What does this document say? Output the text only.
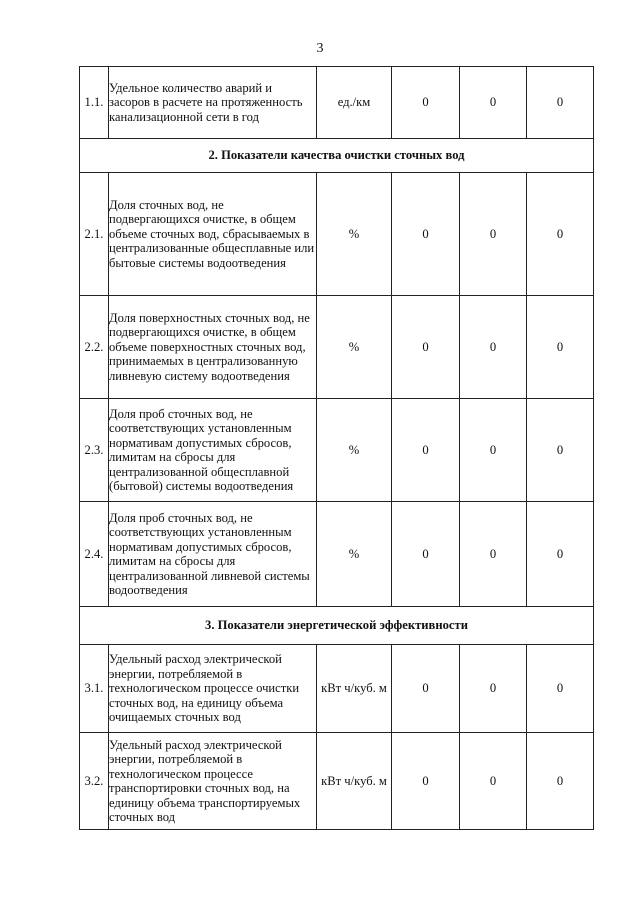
3
1.1.	Удельное количество аварий и засоров в расчете на протяженность канализационной сети в год	ед./км	0	0	0
2. Показатели качества очистки сточных вод					
2.1.	Доля сточных вод, не подвергающихся очистке, в общем объеме сточных вод, сбрасываемых в централизованные общесплавные или бытовые системы водоотведения	%	0	0	0
2.2.	Доля поверхностных сточных вод, не подвергающихся очистке, в общем объеме поверхностных сточных вод, принимаемых в централизованную ливневую систему водоотведения	%	0	0	0
2.3.	Доля проб сточных вод, не соответствующих установленным нормативам допустимых сбросов, лимитам на сбросы для централизованной общесплавной (бытовой) системы водоотведения	%	0	0	0
2.4.	Доля проб сточных вод, не соответствующих установленным нормативам допустимых сбросов, лимитам на сбросы для централизованной ливневой системы водоотведения	%	0	0	0
3. Показатели энергетической эффективности					
3.1.	Удельный расход электрической энергии, потребляемой в технологическом процессе очистки сточных вод, на единицу объема очищаемых сточных вод	кВт ч/куб. м	0	0	0
3.2.	Удельный расход электрической энергии, потребляемой в технологическом процессе транспортировки сточных вод, на единицу объема транспортируемых сточных вод	кВт ч/куб. м	0	0	0
